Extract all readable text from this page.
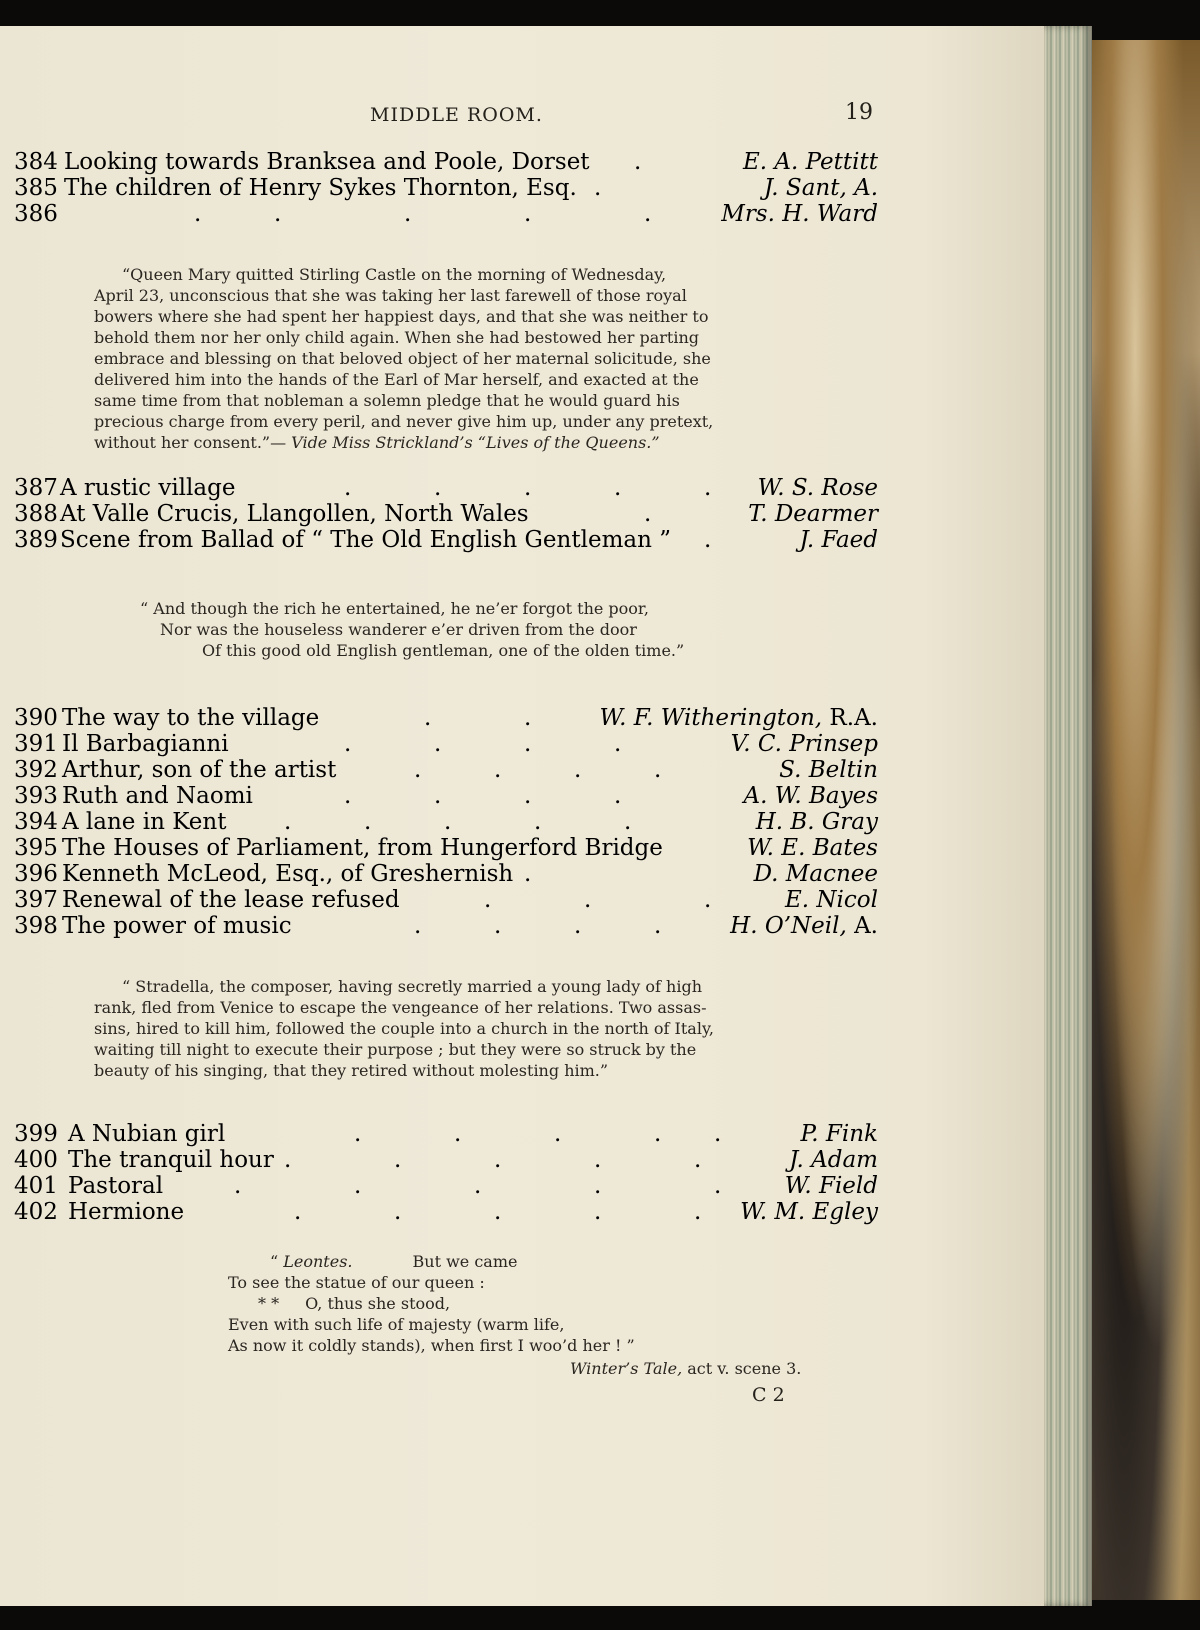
MIDDLE ROOM.	19
384 Looking towards Branksea and Poole, Dorset .	E. A. Pettitt
385 The children of Henry Sykes Thornton, Esq. .	J. Sant, A.
386	.	.	.	.	.	Mrs. H. Ward
“Queen Mary quitted Stirling Castle on the morning of Wednesday,
April 23, unconscious that she was taking her last farewell of those royal
bowers where she had spent her happiest days, and that she was neither to
behold them nor her only child again. When she had bestowed her parting
embrace and blessing on that beloved object of her maternal solicitude, she
delivered him into the hands of the Earl of Mar herself, and exacted at the
same time from that nobleman a solemn pledge that he would guard his
precious charge from every peril, and never give him up, under any pretext,
without her consent.”— Vide Miss Strickland’s “Lives of the Queens.”
387 A rustic village	.	.	.	.	. W. S. Rose
388 At Valle Crucis, Llangollen, North Wales	.	T. Dearmer
389 Scene from Ballad of “ The Old English Gentleman ” .	J. Faed
“ And though the rich he entertained, he ne’er forgot the poor,
Nor was the houseless wanderer e’er driven from the door
Of this good old English gentleman, one of the olden time.”
390 The way to the village	.	.	W. F. Witherington, R.A.
391 Il Barbagianni	.	.	.	.	V. C. Prinsep
392 Arthur, son of the artist	.	.	.	.	S. Beltin
393 Ruth and Naomi	.	.	.	.	A. W. Bayes
394 A lane in Kent	.	.	.	.	.	H. B. Gray
395 The Houses of Parliament, from Hungerford Bridge	W. E. Bates
396 Kenneth McLeod, Esq., of Greshernish .	D. Macnee
397 Renewal of the lease refused	.	.	.	E. Nicol
398 The power of music	.	.	.	.	H. O’Neil, A.
“ Stradella, the composer, having secretly married a young lady of high
rank, fled from Venice to escape the vengeance of her relations. Two assas-
sins, hired to kill him, followed the couple into a church in the north of Italy,
waiting till night to execute their purpose ; but they were so struck by the
beauty of his singing, that they retired without molesting him.”
399 A Nubian girl	.	.	.	. .	P. Fink
400 The tranquil hour .	.	.	.	.	J. Adam
401 Pastoral	.	.	.	.	.	W. Field
402 Hermione	.	.	.	.	. W. M. Egley
“ Leontes.	But we came
To see the statue of our queen :
* * O, thus she stood,
Even with such life of majesty (warm life,
As now it coldly stands), when first I woo’d her ! ”
Winter’s Tale, act v. scene 3.
C 2
